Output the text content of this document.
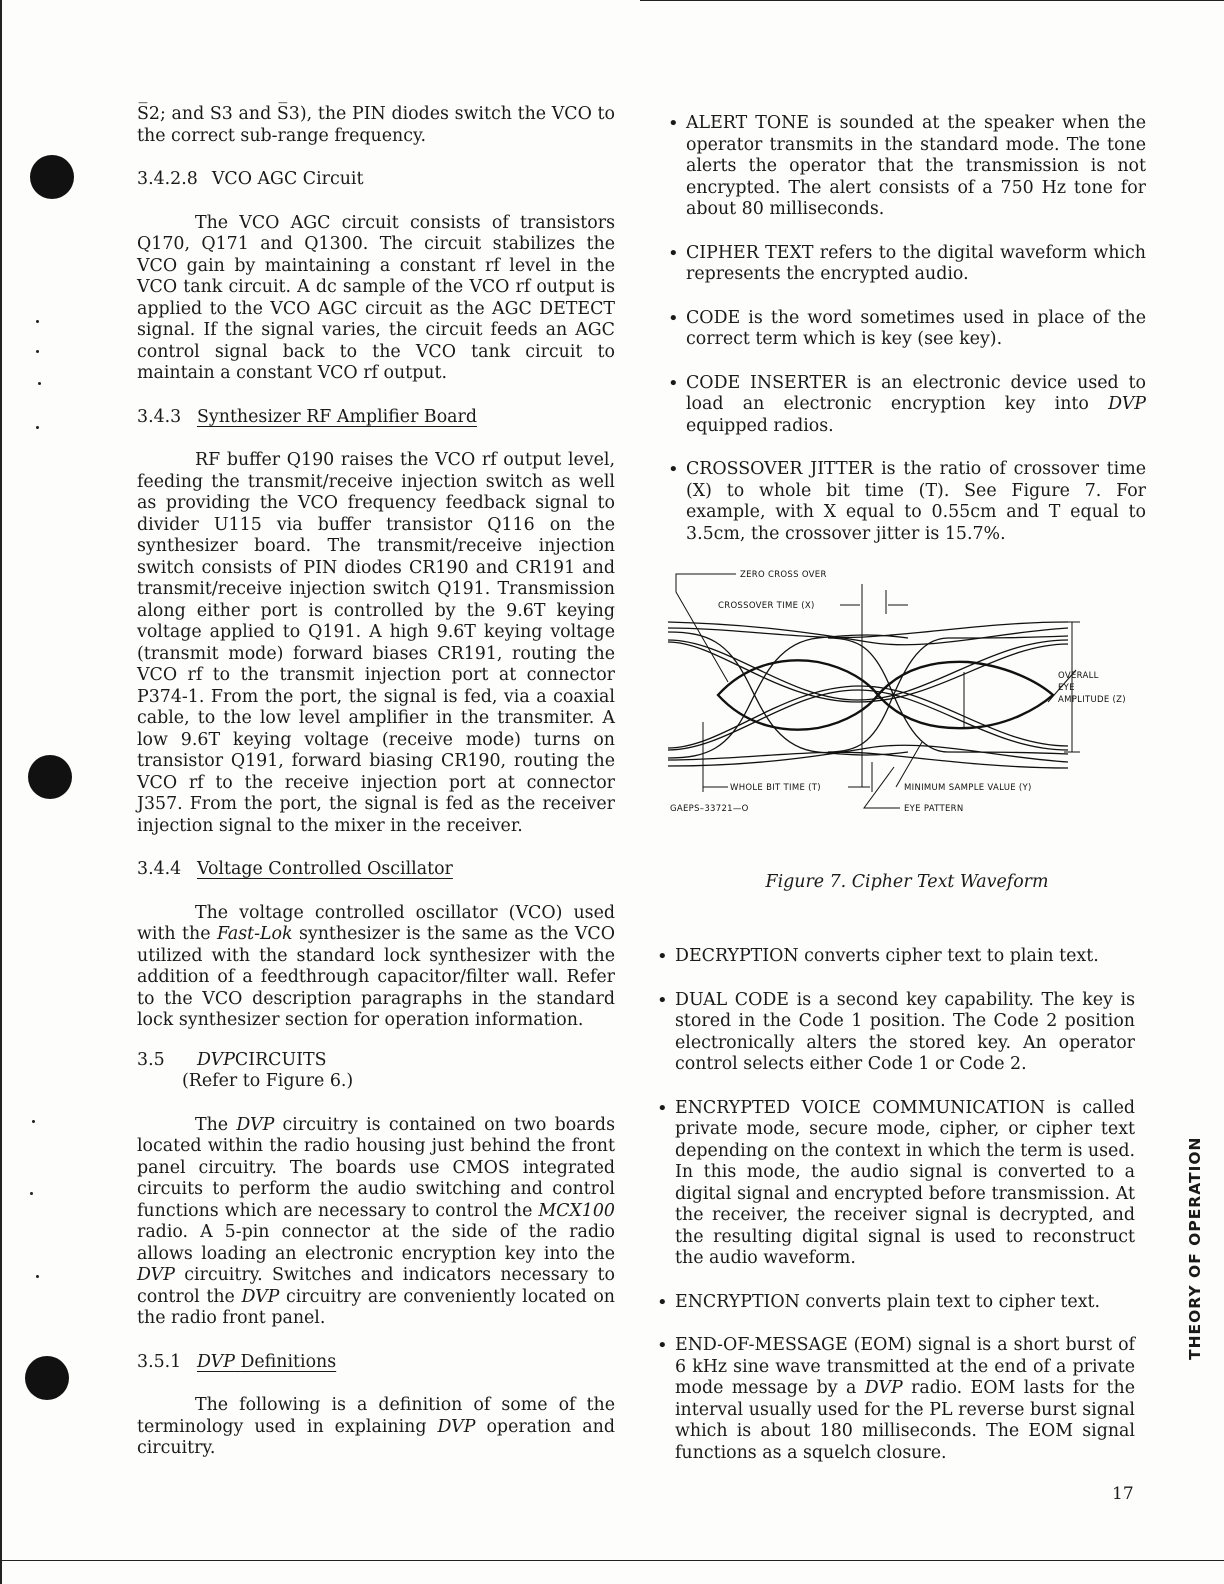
S̅2; and S3 and S̅3), the PIN diodes switch the VCO to the correct sub-range frequency.

3.4.2.8 VCO AGC Circuit

The VCO AGC circuit consists of transistors Q170, Q171 and Q1300. The circuit stabilizes the VCO gain by maintaining a constant rf level in the VCO tank circuit. A dc sample of the VCO rf output is applied to the VCO AGC circuit as the AGC DETECT signal. If the signal varies, the circuit feeds an AGC control signal back to the VCO tank circuit to maintain a constant VCO rf output.

3.4.3 Synthesizer RF Amplifier Board

RF buffer Q190 raises the VCO rf output level, feeding the transmit/receive injection switch as well as providing the VCO frequency feedback signal to divider U115 via buffer transistor Q116 on the synthesizer board. The transmit/receive injection switch consists of PIN diodes CR190 and CR191 and transmit/receive injection switch Q191. Transmission along either port is controlled by the 9.6T keying voltage applied to Q191. A high 9.6T keying voltage (transmit mode) forward biases CR191, routing the VCO rf to the transmit injection port at connector P374-1. From the port, the signal is fed, via a coaxial cable, to the low level amplifier in the transmiter. A low 9.6T keying voltage (receive mode) turns on transistor Q191, forward biasing CR190, routing the VCO rf to the receive injection port at connector J357. From the port, the signal is fed as the receiver injection signal to the mixer in the receiver.

3.4.4 Voltage Controlled Oscillator

The voltage controlled oscillator (VCO) used with the Fast-Lok synthesizer is the same as the VCO utilized with the standard lock synthesizer with the addition of a feedthrough capacitor/filter wall. Refer to the VCO description paragraphs in the standard lock synthesizer section for operation information.

3.5	DVPCIRCUITS
(Refer to Figure 6.)

The DVP circuitry is contained on two boards located within the radio housing just behind the front panel circuitry. The boards use CMOS integrated circuits to perform the audio switching and control functions which are necessary to control the MCX100 radio. A 5-pin connector at the side of the radio allows loading an electronic encryption key into the DVP circuitry. Switches and indicators necessary to control the DVP circuitry are conveniently located on the radio front panel.

3.5.1 DVP Definitions

The following is a definition of some of the terminology used in explaining DVP operation and circuitry.

• ALERT TONE is sounded at the speaker when the operator transmits in the standard mode. The tone alerts the operator that the transmission is not encrypted. The alert consists of a 750 Hz tone for about 80 milliseconds.
• CIPHER TEXT refers to the digital waveform which represents the encrypted audio.
• CODE is the word sometimes used in place of the correct term which is key (see key).
• CODE INSERTER is an electronic device used to load an electronic encryption key into DVP equipped radios.
• CROSSOVER JITTER is the ratio of crossover time (X) to whole bit time (T). See Figure 7. For example, with X equal to 0.55cm and T equal to 3.5cm, the crossover jitter is 15.7%.
ZERO CROSS OVER
CROSSOVER TIME (X)
OVERALL
EYE
AMPLITUDE (Z)
WHOLE BIT TIME (T)	MINIMUM SAMPLE VALUE (Y)
EYE PATTERN
GAEPS–33721—O
Figure 7. Cipher Text Waveform
• DECRYPTION converts cipher text to plain text.
• DUAL CODE is a second key capability. The key is stored in the Code 1 position. The Code 2 position electronically alters the stored key. An operator control selects either Code 1 or Code 2.
• ENCRYPTED VOICE COMMUNICATION is called private mode, secure mode, cipher, or cipher text depending on the context in which the term is used. In this mode, the audio signal is converted to a digital signal and encrypted before transmission. At the receiver, the receiver signal is decrypted, and the resulting digital signal is used to reconstruct the audio waveform.
• ENCRYPTION converts plain text to cipher text.
• END-OF-MESSAGE (EOM) signal is a short burst of 6 kHz sine wave transmitted at the end of a private mode message by a DVP radio. EOM lasts for the interval usually used for the PL reverse burst signal which is about 180 milliseconds. The EOM signal functions as a squelch closure.
THEORY OF OPERATION
17
